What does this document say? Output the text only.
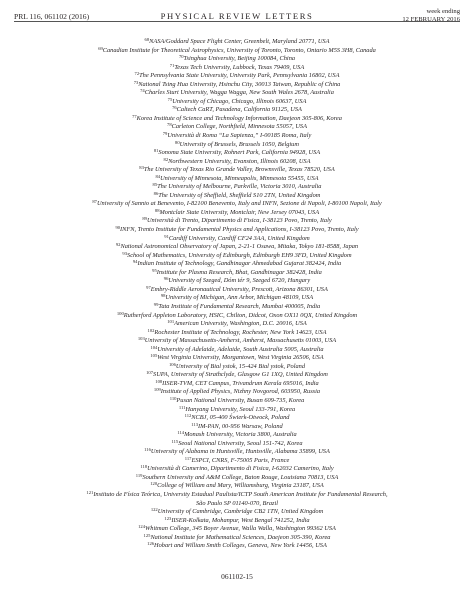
PRL 116, 061102 (2016)	PHYSICAL REVIEW LETTERS	week ending
12 FEBRUARY 2016
$^{68}$NASA/Goddard Space Flight Center, Greenbelt, Maryland 20771, USA
$^{69}$Canadian Institute for Theoretical Astrophysics, University of Toronto, Toronto, Ontario M5S 3H8, Canada
$^{70}$Tsinghua University, Beijing 100084, China
$^{71}$Texas Tech University, Lubbock, Texas 79409, USA
$^{72}$The Pennsylvania State University, University Park, Pennsylvania 16802, USA
$^{73}$National Tsing Hua University, Hsinchu City, 30013 Taiwan, Republic of China
$^{74}$Charles Sturt University, Wagga Wagga, New South Wales 2678, Australia
$^{75}$University of Chicago, Chicago, Illinois 60637, USA
$^{76}$Caltech CaRT, Pasadena, California 91125, USA
$^{77}$Korea Institute of Science and Technology Information, Daejeon 305-806, Korea
$^{78}$Carleton College, Northfield, Minnesota 55057, USA
$^{79}$Università di Roma “La Sapienza,” I-00185 Roma, Italy
$^{80}$University of Brussels, Brussels 1050, Belgium
$^{81}$Sonoma State University, Rohnert Park, California 94928, USA
$^{82}$Northwestern University, Evanston, Illinois 60208, USA
$^{83}$The University of Texas Rio Grande Valley, Brownsville, Texas 78520, USA
$^{84}$University of Minnesota, Minneapolis, Minnesota 55455, USA
$^{85}$The University of Melbourne, Parkville, Victoria 3010, Australia
$^{86}$The University of Sheffield, Sheffield S10 2TN, United Kingdom
$^{87}$University of Sannio at Benevento, I-82100 Benevento, Italy and INFN, Sezione di Napoli, I-80100 Napoli, Italy
$^{88}$Montclair State University, Montclair, New Jersey 07043, USA
$^{89}$Università di Trento, Dipartimento di Fisica, I-38123 Povo, Trento, Italy
$^{90}$INFN, Trento Institute for Fundamental Physics and Applications, I-38123 Povo, Trento, Italy
$^{91}$Cardiff University, Cardiff CF24 3AA, United Kingdom
$^{92}$National Astronomical Observatory of Japan, 2-21-1 Osawa, Mitaka, Tokyo 181-8588, Japan
$^{93}$School of Mathematics, University of Edinburgh, Edinburgh EH9 3FD, United Kingdom
$^{94}$Indian Institute of Technology, Gandhinagar Ahmedabad Gujarat 382424, India
$^{95}$Institute for Plasma Research, Bhat, Gandhinagar 382428, India
$^{96}$University of Szeged, Dóm tér 9, Szeged 6720, Hungary
$^{97}$Embry-Riddle Aeronautical University, Prescott, Arizona 86301, USA
$^{98}$University of Michigan, Ann Arbor, Michigan 48109, USA
$^{99}$Tata Institute of Fundamental Research, Mumbai 400005, India
$^{100}$Rutherford Appleton Laboratory, HSIC, Chilton, Didcot, Oxon OX11 0QX, United Kingdom
$^{101}$American University, Washington, D.C. 20016, USA
$^{102}$Rochester Institute of Technology, Rochester, New York 14623, USA
$^{103}$University of Massachusetts-Amherst, Amherst, Massachusetts 01003, USA
$^{104}$University of Adelaide, Adelaide, South Australia 5005, Australia
$^{105}$West Virginia University, Morgantown, West Virginia 26506, USA
$^{106}$University of Bial ystok, 15-424 Bial ystok, Poland
$^{107}$SUPA, University of Strathclyde, Glasgow G1 1XQ, United Kingdom
$^{108}$IISER-TVM, CET Campus, Trivandrum Kerala 695016, India
$^{109}$Institute of Applied Physics, Nizhny Novgorod, 603950, Russia
$^{110}$Pusan National University, Busan 609-735, Korea
$^{111}$Hanyang University, Seoul 133-791, Korea
$^{112}$NCBJ, 05-400 Świerk-Otwock, Poland
$^{113}$IM-PAN, 00-956 Warsaw, Poland
$^{114}$Monash University, Victoria 3800, Australia
$^{115}$Seoul National University, Seoul 151-742, Korea
$^{116}$University of Alabama in Huntsville, Huntsville, Alabama 35899, USA
$^{117}$ESPCI, CNRS, F-75005 Paris, France
$^{118}$Università di Camerino, Dipartimento di Fisica, I-62032 Camerino, Italy
$^{119}$Southern University and A&M College, Baton Rouge, Louisiana 70813, USA
$^{120}$College of William and Mary, Williamsburg, Virginia 23187, USA
$^{121}$Instituto de Física Teórica, University Estadual Paulista/ICTP South American Institute for Fundamental Research,
São Paulo SP 01140-070, Brazil
$^{122}$University of Cambridge, Cambridge CB2 1TN, United Kingdom
$^{123}$IISER-Kolkata, Mohanpur, West Bengal 741252, India
$^{124}$Whitman College, 345 Boyer Avenue, Walla Walla, Washington 99362 USA
$^{125}$National Institute for Mathematical Sciences, Daejeon 305-390, Korea
$^{126}$Hobart and William Smith Colleges, Geneva, New York 14456, USA
061102-15
